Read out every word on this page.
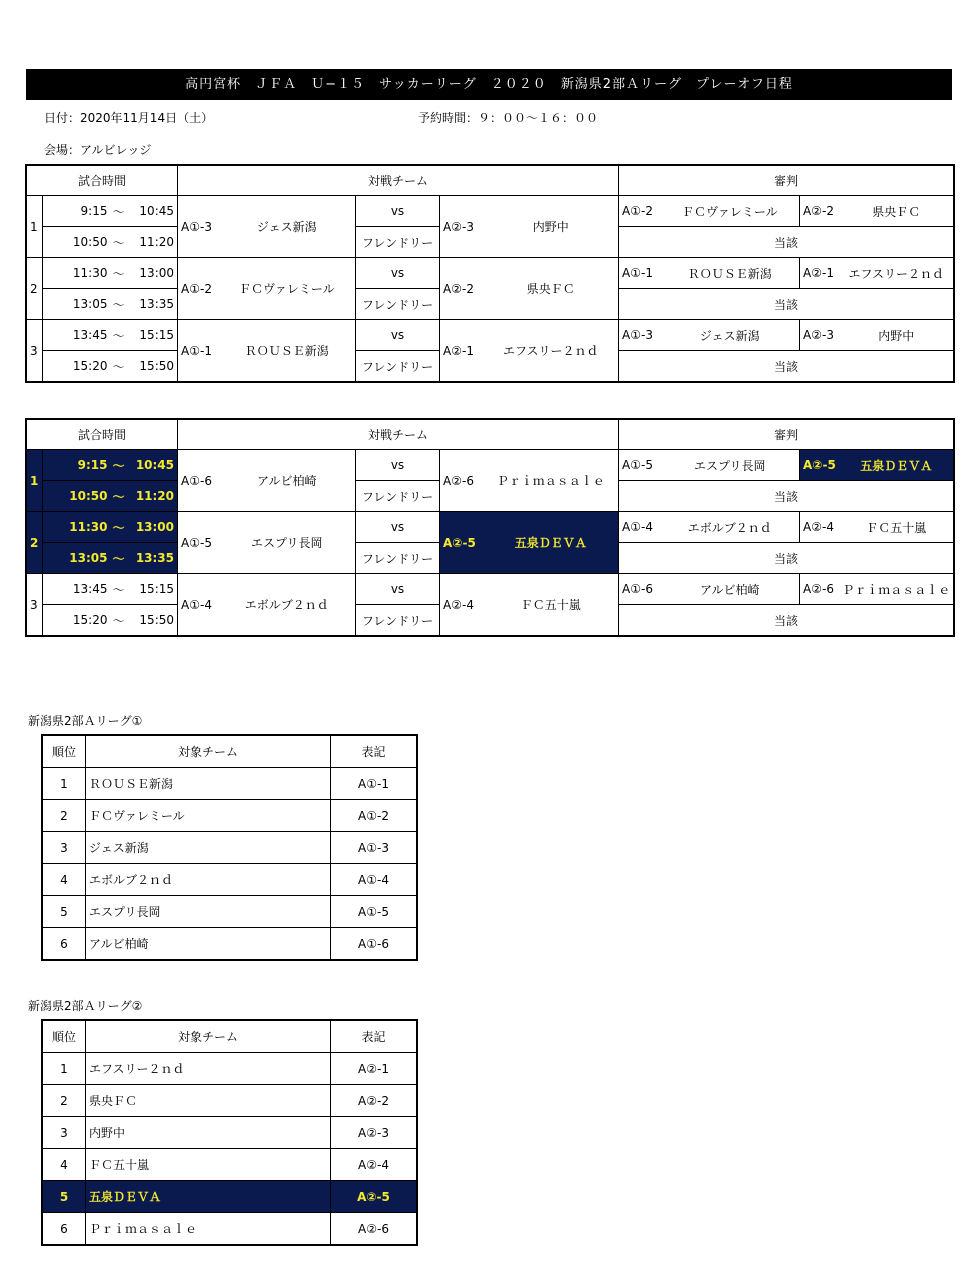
高円宮杯　ＪＦＡ　Ｕ−１５　サッカーリーグ　２０２０　新潟県2部Ａリーグ　プレーオフ日程
日付：2020年11月14日（土）	予約時間：９：００〜１６：００
会場：アルビレッジ
試合時間				対戦チーム					審判			
1	9:15	〜	10:45	A①-3	ジェス新潟	vs	A②-3	内野中	A①-2	ＦＣヴァレミール	A②-2	県央ＦＣ
	10:50	〜	11:20			フレンドリー			当該			
2	11:30	〜	13:00	A①-2	ＦＣヴァレミール	vs	A②-2	県央ＦＣ	A①-1	ＲＯＵＳＥ新潟	A②-1	エフスリー２ｎｄ
	13:05	〜	13:35			フレンドリー			当該			
3	13:45	〜	15:15	A①-1	ＲＯＵＳＥ新潟	vs	A②-1	エフスリー２ｎｄ	A①-3	ジェス新潟	A②-3	内野中
	15:20	〜	15:50			フレンドリー			当該			
試合時間				対戦チーム					審判			
1	9:15	〜	10:45	A①-6	アルビ柏崎	vs	A②-6	Ｐｒｉｍａｓａｌｅ	A①-5	エスプリ長岡	A②-5	五泉ＤＥＶＡ
	10:50	〜	11:20			フレンドリー			当該			
2	11:30	〜	13:00	A①-5	エスプリ長岡	vs	A②-5	五泉ＤＥＶＡ	A①-4	エボルブ２ｎｄ	A②-4	ＦＣ五十嵐
	13:05	〜	13:35			フレンドリー			当該			
3	13:45	〜	15:15	A①-4	エボルブ２ｎｄ	vs	A②-4	ＦＣ五十嵐	A①-6	アルビ柏崎	A②-6	Ｐｒｉｍａｓａｌｅ
	15:20	〜	15:50			フレンドリー			当該			
新潟県2部Ａリーグ①
順位	対象チーム	表記
1	ＲＯＵＳＥ新潟	A①-1
2	ＦＣヴァレミール	A①-2
3	ジェス新潟	A①-3
4	エボルブ２ｎｄ	A①-4
5	エスプリ長岡	A①-5
6	アルビ柏崎	A①-6
新潟県2部Ａリーグ②
順位	対象チーム	表記
1	エフスリー２ｎｄ	A②-1
2	県央ＦＣ	A②-2
3	内野中	A②-3
4	ＦＣ五十嵐	A②-4
5	五泉ＤＥＶＡ	A②-5
6	Ｐｒｉｍａｓａｌｅ	A②-6
